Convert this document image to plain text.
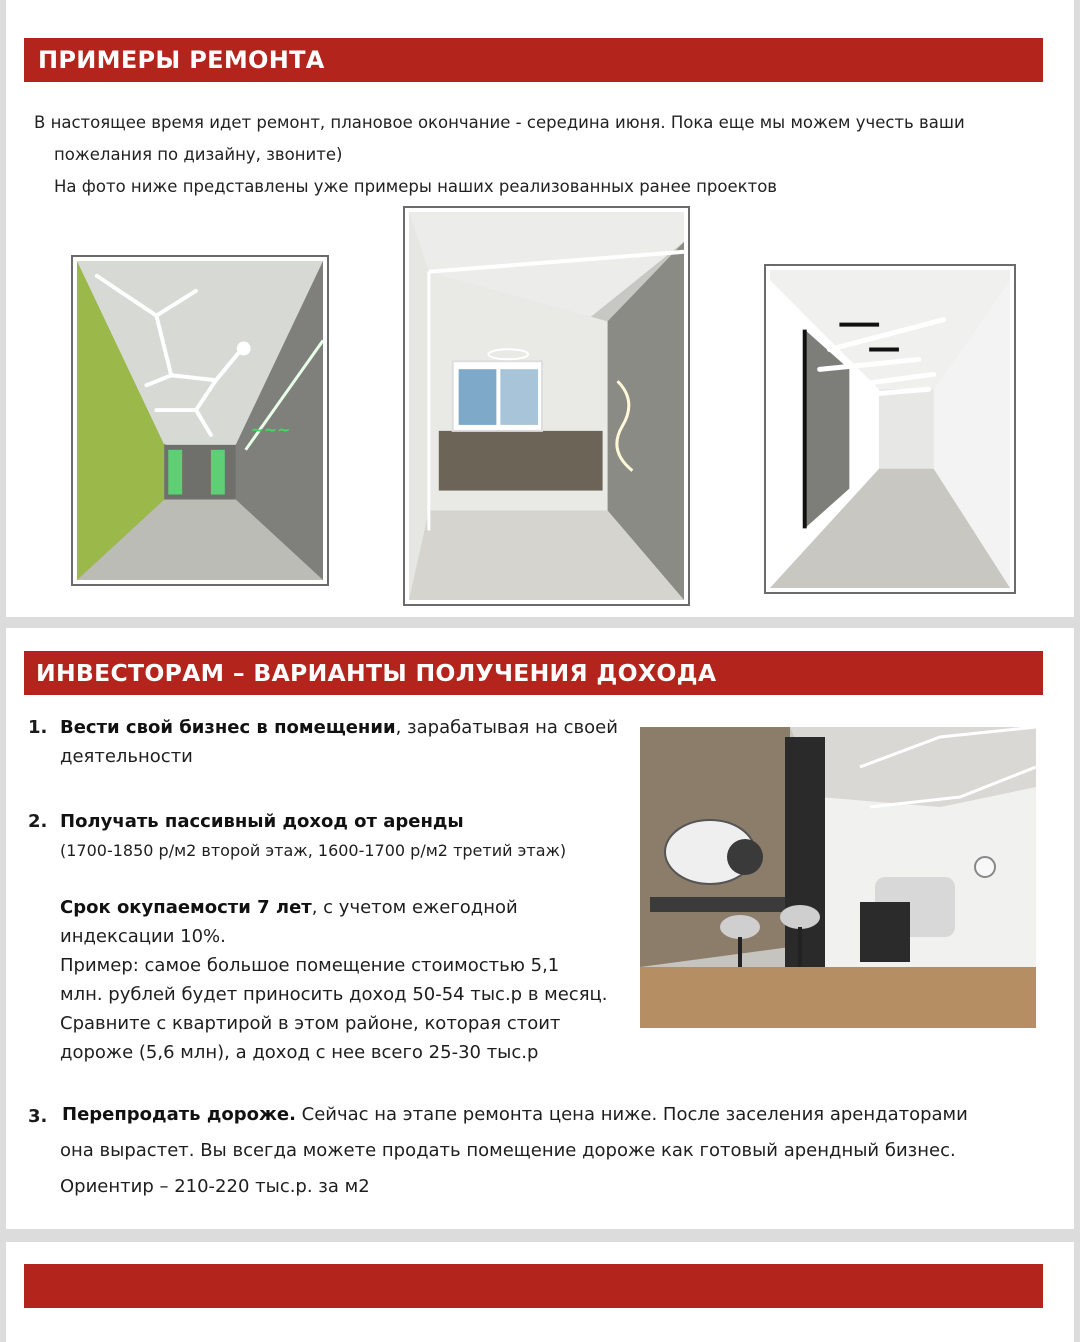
ПРИМЕРЫ РЕМОНТА
В настоящее время идет ремонт, плановое окончание - середина июня. Пока еще мы можем учесть ваши
пожелания по дизайну, звоните)
На фото ниже представлены уже примеры наших реализованных ранее проектов
~~~
ИНВЕСТОРАМ – ВАРИАНТЫ ПОЛУЧЕНИЯ ДОХОДА
1. Вести свой бизнес в помещении, зарабатывая на своей
деятельности
2. Получать пассивный доход от аренды
(1700-1850 р/м2 второй этаж, 1600-1700 р/м2 третий этаж)
Срок окупаемости 7 лет, с учетом ежегодной
индексации 10%.
Пример: самое большое помещение стоимостью 5,1
млн. рублей будет приносить доход 50-54 тыс.р в месяц.
Сравните с квартирой в этом районе, которая стоит
дороже (5,6 млн), а доход с нее всего 25-30 тыс.р
3. Перепродать дороже. Сейчас на этапе ремонта цена ниже. После заселения арендаторами
она вырастет. Вы всегда можете продать помещение дороже как готовый арендный бизнес.
Ориентир – 210-220 тыс.р. за м2
